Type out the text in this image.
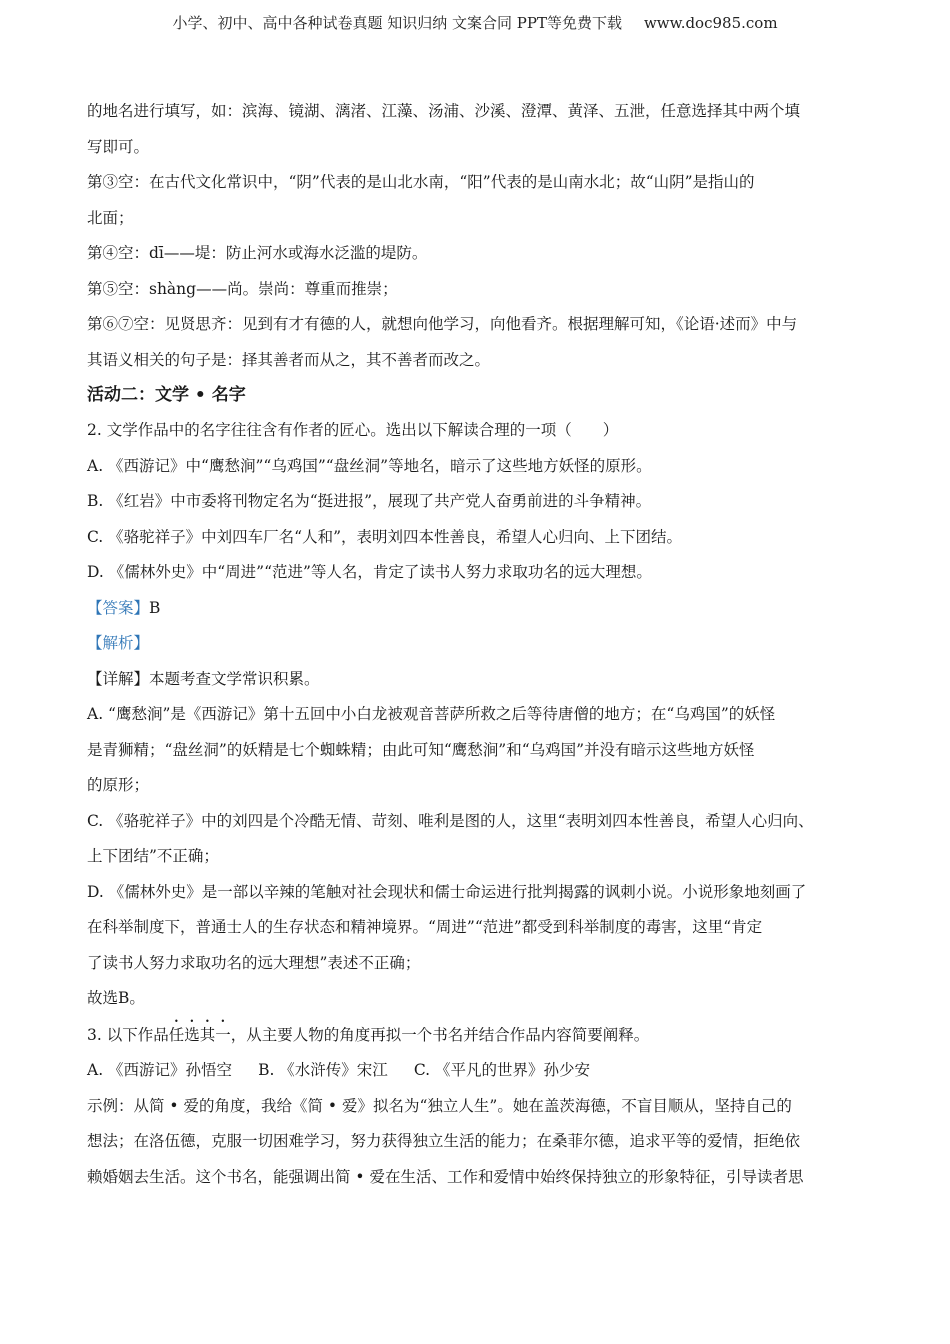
小学、初中、高中各种试卷真题 知识归纳 文案合同 PPT等免费下载 www.doc985.com

的地名进行填写，如：滨海、镜湖、漓渚、江藻、汤浦、沙溪、澄潭、黄泽、五泄，任意选择其中两个填

写即可。

第③空：在古代文化常识中，“阴”代表的是山北水南，“阳”代表的是山南水北；故“山阴”是指山的

北面；

第④空：dī——堤：防止河水或海水泛滥的堤防。

第⑤空：shàng——尚。崇尚：尊重而推崇；

第⑥⑦空：见贤思齐：见到有才有德的人，就想向他学习，向他看齐。根据理解可知，《论语·述而》中与

其语义相关的句子是：择其善者而从之，其不善者而改之。

活动二：文学 • 名字

2. 文学作品中的名字往往含有作者的匠心。选出以下解读合理的一项（　　）

A. 《西游记》中“鹰愁涧”“乌鸡国”“盘丝洞”等地名，暗示了这些地方妖怪的原形。

B. 《红岩》中市委将刊物定名为“挺进报”，展现了共产党人奋勇前进的斗争精神。

C. 《骆驼祥子》中刘四车厂名“人和”，表明刘四本性善良，希望人心归向、上下团结。

D. 《儒林外史》中“周进”“范进”等人名，肯定了读书人努力求取功名的远大理想。

【答案】B

【解析】

【详解】本题考查文学常识积累。

A. “鹰愁涧”是《西游记》第十五回中小白龙被观音菩萨所救之后等待唐僧的地方；在“乌鸡国”的妖怪

是青狮精；“盘丝洞”的妖精是七个蜘蛛精；由此可知“鹰愁涧”和“乌鸡国”并没有暗示这些地方妖怪

的原形；

C. 《骆驼祥子》中的刘四是个冷酷无情、苛刻、唯利是图的人，这里“表明刘四本性善良，希望人心归向、

上下团结”不正确；

D. 《儒林外史》是一部以辛辣的笔触对社会现状和儒士命运进行批判揭露的讽刺小说。小说形象地刻画了

在科举制度下，普通士人的生存状态和精神境界。“周进”“范进”都受到科举制度的毒害，这里“肯定

了读书人努力求取功名的远大理想”表述不正确；

故选B。

3. 以下作品任选其一，从主要人物的角度再拟一个书名并结合作品内容简要阐释。

A. 《西游记》孙悟空 B. 《水浒传》宋江 C. 《平凡的世界》孙少安

示例：从简 • 爱的角度，我给《简 • 爱》拟名为“独立人生”。她在盖茨海德，不盲目顺从，坚持自己的

想法；在洛伍德，克服一切困难学习，努力获得独立生活的能力；在桑菲尔德，追求平等的爱情，拒绝依

赖婚姻去生活。这个书名，能强调出简 • 爱在生活、工作和爱情中始终保持独立的形象特征，引导读者思
